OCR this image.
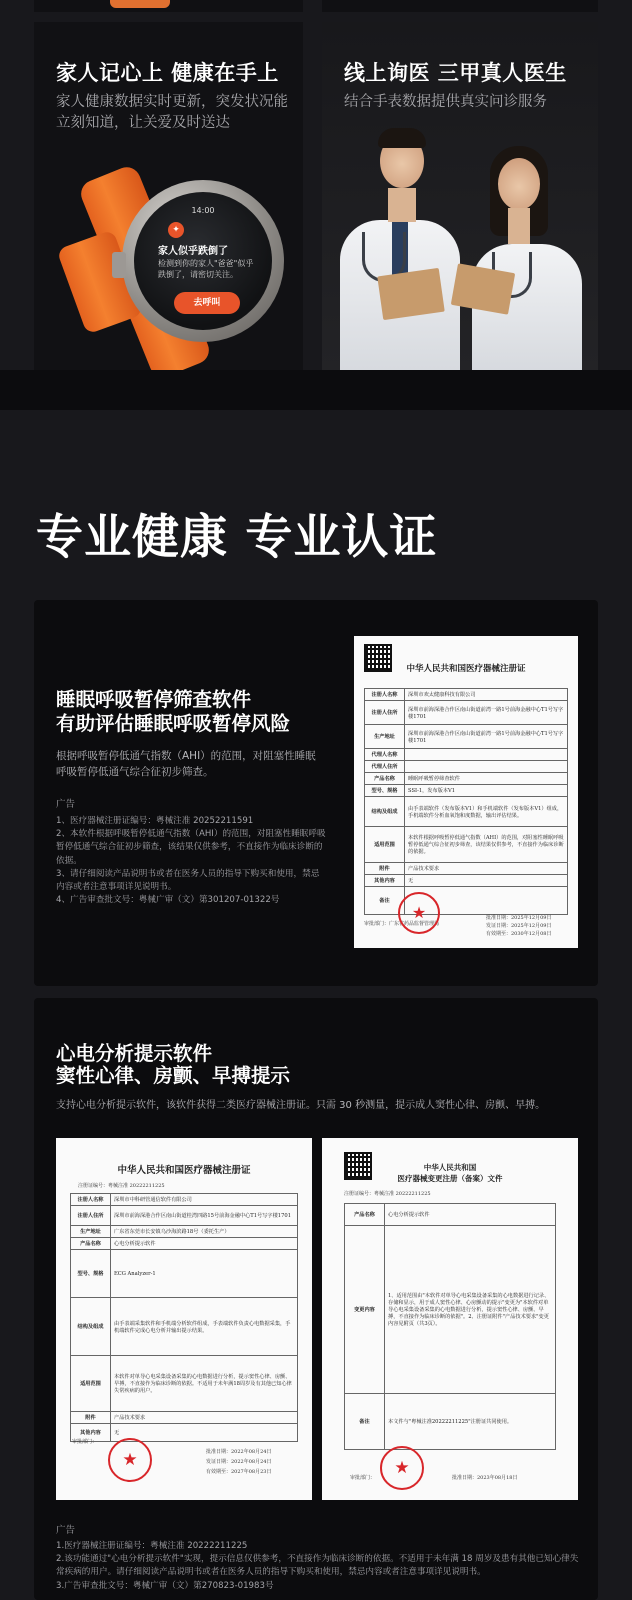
家人记心上 健康在手上
家人健康数据实时更新，突发状况能立刻知道，让关爱及时送达
14:00
✦
家人似乎跌倒了
检测到你的家人"爸爸"似乎跌倒了，请密切关注。
去呼叫
线上询医 三甲真人医生
结合手表数据提供真实问诊服务
专业健康 专业认证
睡眠呼吸暂停筛查软件
有助评估睡眠呼吸暂停风险
根据呼吸暂停低通气指数（AHI）的范围，对阻塞性睡眠呼吸暂停低通气综合征初步筛查。
广告
1、医疗器械注册证编号：粤械注准 20252211591
2、本软件根据呼吸暂停低通气指数（AHI）的范围，对阻塞性睡眠呼吸暂停低通气综合征初步筛查，该结果仅供参考，不直接作为临床诊断的依据。
3、请仔细阅读产品说明书或者在医务人员的指导下购买和使用，禁忌内容或者注意事项详见说明书。
4、广告审查批文号：粤械广审（文）第301207-01322号
中华人民共和国医疗器械注册证
注册人名称	深圳市欢太健康科技有限公司
注册人住所	深圳市前海深港合作区南山街道前湾一路1号前海金融中心T1号写字楼1701
生产地址	深圳市前海深港合作区南山街道前湾一路1号前海金融中心T1号写字楼1701
代理人名称	
代理人住所	
产品名称	睡眠呼吸暂停筛查软件
型号、规格	SSI-1，发布版本V1
结构及组成	由手表端软件（发布版本V1）和手机端软件（发布版本V1）组成，手机端软件分析血氧饱和度数据，输出评估结果。
适用范围	本软件根据呼吸暂停低通气指数（AHI）的范围，对阻塞性睡眠呼吸暂停低通气综合征初步筛查，该结果仅供参考，不直接作为临床诊断的依据。
附件	产品技术要求
其他内容	无
备注	
审批部门：广东省药品监督管理局
批准日期：2025年12月09日
发证日期：2025年12月09日
有效期至：2030年12月08日
★
心电分析提示软件
窦性心律、房颤、早搏提示
支持心电分析提示软件，该软件获得二类医疗器械注册证。只需 30 秒测量，提示成人窦性心律、房颤、早搏。
中华人民共和国医疗器械注册证
注册证编号：粤械注准 20222211225
注册人名称	深圳市中科研管通信软件有限公司
注册人住所	深圳市前海深港合作区南山街道桂湾四路15号前海金融中心T1号写字楼1701
生产地址	广东省东莞市长安镇乌沙海滨路18号（委托生产）
产品名称	心电分析提示软件
型号、规格	ECG Analyzer-1
结构及组成	由手表端采集软件和手机端分析软件组成，手表端软件负责心电数据采集，手机端软件完成心电分析并输出提示结果。
适用范围	本软件对单导心电采集设备采集的心电数据进行分析，提示窦性心律、房颤、早搏，不直接作为临床诊断的依据。不适用于未年满18周岁及有其他已知心律失常疾病的用户。
附件	产品技术要求
其他内容	无
审批部门：
批准日期：2022年08月24日
发证日期：2022年08月24日
有效期至：2027年08月23日
★
中华人民共和国
医疗器械变更注册（备案）文件
注册证编号：粤械注准 20222211225
产品名称	心电分析提示软件
变更内容	1、适用范围由"本软件对单导心电采集设备采集的心电数据进行记录、存储和显示，用于成人窦性心律、心房颤动的提示"变更为"本软件对单导心电采集设备采集的心电数据进行分析，提示窦性心律、房颤、早搏，不直接作为临床诊断的依据"。2、注册证附件"产品技术要求"变更内容见附页（共3页）。
备注	本文件与"粤械注准20222211225"注册证共同使用。
审批部门：	批准日期：2023年08月18日
★
广告
1.医疗器械注册证编号：粤械注准 20222211225
2.该功能通过"心电分析提示软件"实现，提示信息仅供参考，不直接作为临床诊断的依据。不适用于未年满 18 周岁及患有其他已知心律失常疾病的用户。请仔细阅读产品说明书或者在医务人员的指导下购买和使用，禁忌内容或者注意事项详见说明书。
3.广告审查批文号：粤械广审（文）第270823-01983号
